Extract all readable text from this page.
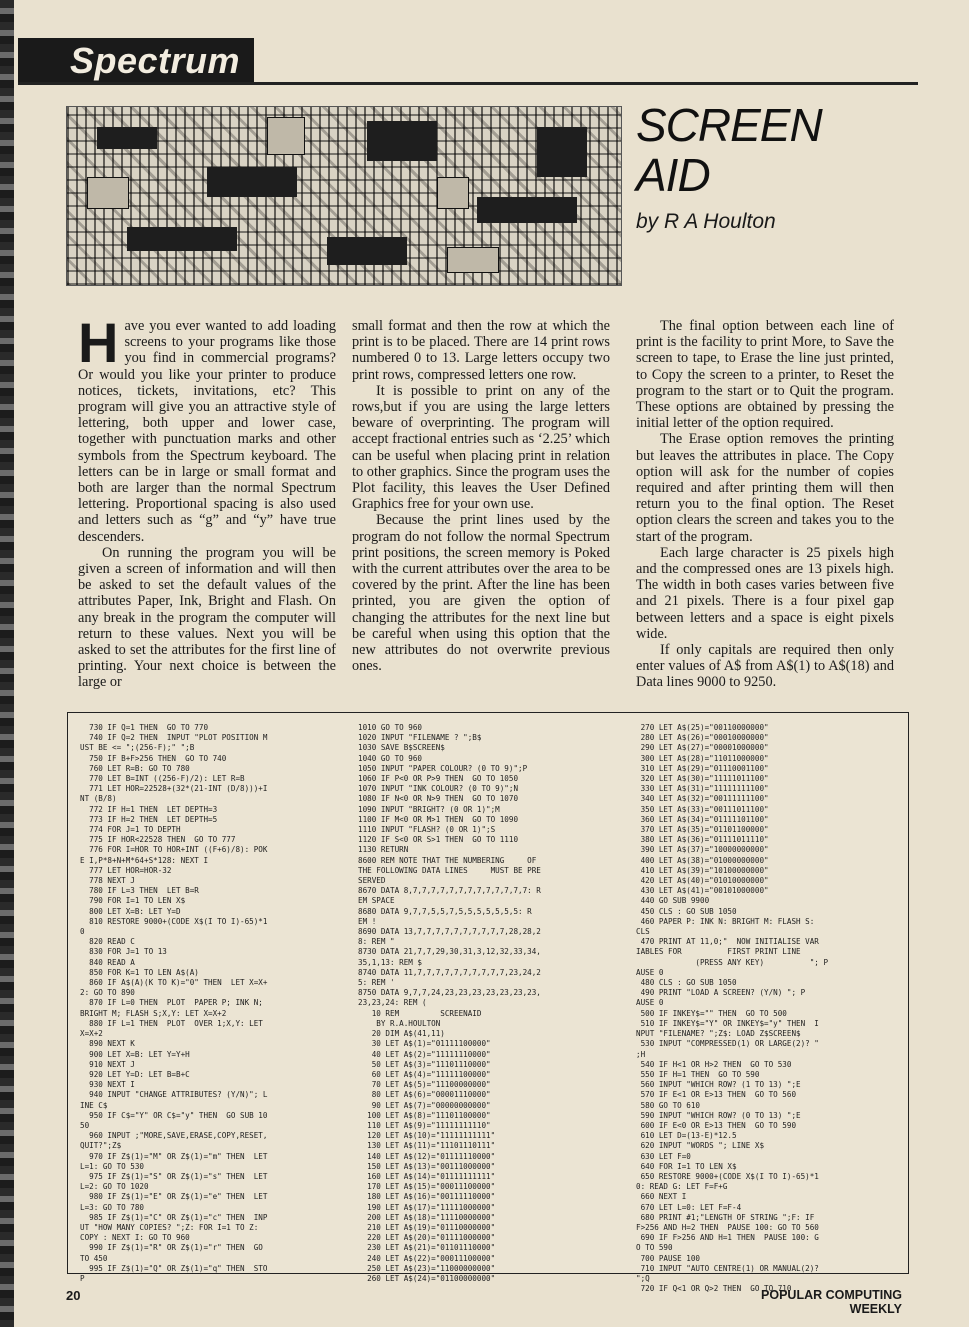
Spectrum
SCREEN
AID
by R A Houlton

Have you ever wanted to add loading screens to your programs like those you find in commercial programs? Or would you like your printer to produce notices, tickets, invitations, etc? This program will give you an attractive style of lettering, both upper and lower case, together with punctuation marks and other symbols from the Spectrum keyboard. The letters can be in large or small format and both are larger than the normal Spectrum lettering. Proportional spacing is also used and letters such as “g” and “y” have true descenders.

On running the program you will be given a screen of information and will then be asked to set the default values of the attributes Paper, Ink, Bright and Flash. On any break in the program the computer will return to these values. Next you will be asked to set the attributes for the first line of printing. Your next choice is between the large or

small format and then the row at which the print is to be placed. There are 14 print rows numbered 0 to 13. Large letters occupy two print rows, compressed letters one row.

It is possible to print on any of the rows,but if you are using the large letters beware of overprinting. The program will accept fractional entries such as ‘2.25’ which can be useful when placing print in relation to other graphics. Since the program uses the Plot facility, this leaves the User Defined Graphics free for your own use.

Because the print lines used by the program do not follow the normal Spectrum print positions, the screen memory is Poked with the current attributes over the area to be covered by the print. After the line has been printed, you are given the option of changing the attributes for the next line but be careful when using this option that the new attributes do not overwrite previous ones.

The final option between each line of print is the facility to print More, to Save the screen to tape, to Erase the line just printed, to Copy the screen to a printer, to Reset the program to the start or to Quit the program. These options are obtained by pressing the initial letter of the option required.

The Erase option removes the printing but leaves the attributes in place. The Copy option will ask for the number of copies required and after printing them will then return you to the final option. The Reset option clears the screen and takes you to the start of the program.

Each large character is 25 pixels high and the compressed ones are 13 pixels high. The width in both cases varies between five and 21 pixels. There is a four pixel gap between letters and a space is eight pixels wide.

If only capitals are required then only enter values of A$ from A$(1) to A$(18) and Data lines 9000 to 9250.

730 IF Q=1 THEN  GO TO 770
740 IF Q=2 THEN  INPUT "PLOT POSITION M
UST BE <= ";(256-F);" ";B
750 IF B+F>256 THEN  GO TO 740
760 LET R=B: GO TO 780
770 LET B=INT ((256-F)/2): LET R=B
771 LET HOR=22528+(32*(21-INT (D/8)))+I
NT (B/8)
772 IF H=1 THEN  LET DEPTH=3
773 IF H=2 THEN  LET DEPTH=5
774 FOR J=1 TO DEPTH
775 IF HOR<22528 THEN  GO TO 777
776 FOR I=HOR TO HOR+INT ((F+6)/8): POK
E I,P*8+N+M*64+S*128: NEXT I
777 LET HOR=HOR-32
778 NEXT J
780 IF L=3 THEN  LET B=R
790 FOR I=1 TO LEN X$
800 LET X=B: LET Y=D
810 RESTORE 9000+(CODE X$(I TO I)-65)*1
0
820 READ C
830 FOR J=1 TO 13
840 READ A
850 FOR K=1 TO LEN A$(A)
860 IF A$(A)(K TO K)="0" THEN  LET X=X+
2: GO TO 890
870 IF L=0 THEN  PLOT  PAPER P; INK N;
BRIGHT M; FLASH S;X,Y: LET X=X+2
880 IF L=1 THEN  PLOT  OVER 1;X,Y: LET
X=X+2
890 NEXT K
900 LET X=B: LET Y=Y+H
910 NEXT J
920 LET Y=D: LET B=B+C
930 NEXT I
940 INPUT "CHANGE ATTRIBUTES? (Y/N)"; L
INE C$
950 IF C$="Y" OR C$="y" THEN  GO SUB 10
50
960 INPUT ;"MORE,SAVE,ERASE,COPY,RESET,
QUIT?";Z$
970 IF Z$(1)="M" OR Z$(1)="m" THEN  LET
L=1: GO TO 530
975 IF Z$(1)="S" OR Z$(1)="s" THEN  LET
L=2: GO TO 1020
980 IF Z$(1)="E" OR Z$(1)="e" THEN  LET
L=3: GO TO 780
985 IF Z$(1)="C" OR Z$(1)="c" THEN  INP
UT "HOW MANY COPIES? ";Z: FOR I=1 TO Z:
COPY : NEXT I: GO TO 960
990 IF Z$(1)="R" OR Z$(1)="r" THEN  GO
TO 450
995 IF Z$(1)="Q" OR Z$(1)="q" THEN  STO
P
1010 GO TO 960
1020 INPUT "FILENAME ? ";B$
1030 SAVE B$SCREEN$
1040 GO TO 960
1050 INPUT "PAPER COLOUR? (0 TO 9)";P
1060 IF P<0 OR P>9 THEN  GO TO 1050
1070 INPUT "INK COLOUR? (0 TO 9)";N
1080 IF N<0 OR N>9 THEN  GO TO 1070
1090 INPUT "BRIGHT? (0 OR 1)";M
1100 IF M<0 OR M>1 THEN  GO TO 1090
1110 INPUT "FLASH? (0 OR 1)";S
1120 IF S<0 OR S>1 THEN  GO TO 1110
1130 RETURN
8600 REM NOTE THAT THE NUMBERING     OF
THE FOLLOWING DATA LINES     MUST BE PRE
SERVED
8670 DATA 8,7,7,7,7,7,7,7,7,7,7,7,7,7: R
EM SPACE
8680 DATA 9,7,7,5,5,7,5,5,5,5,5,5,5: R
EM !
8690 DATA 13,7,7,7,7,7,7,7,7,7,7,28,28,2
8: REM "
8730 DATA 21,7,7,29,30,31,3,12,32,33,34,
35,1,13: REM $
8740 DATA 11,7,7,7,7,7,7,7,7,7,7,23,24,2
5: REM '
8750 DATA 9,7,7,24,23,23,23,23,23,23,23,
23,23,24: REM (
10 REM         SCREENAID
BY R.A.HOULTON
20 DIM A$(41,11)
30 LET A$(1)="01111100000"
40 LET A$(2)="11111110000"
50 LET A$(3)="11101110000"
60 LET A$(4)="11111100000"
70 LET A$(5)="11100000000"
80 LET A$(6)="00001110000"
90 LET A$(7)="00000000000"
100 LET A$(8)="11101100000"
110 LET A$(9)="11111111110"
120 LET A$(10)="11111111111"
130 LET A$(11)="11101110111"
140 LET A$(12)="01111110000"
150 LET A$(13)="00111000000"
160 LET A$(14)="01111111111"
170 LET A$(15)="00011100000"
180 LET A$(16)="00111110000"
190 LET A$(17)="11111000000"
200 LET A$(18)="11110000000"
210 LET A$(19)="01110000000"
220 LET A$(20)="01111000000"
230 LET A$(21)="01101110000"
240 LET A$(22)="00011100000"
250 LET A$(23)="11000000000"
260 LET A$(24)="01100000000"
270 LET A$(25)="00110000000"
280 LET A$(26)="00010000000"
290 LET A$(27)="00001000000"
300 LET A$(28)="11011000000"
310 LET A$(29)="01110001100"
320 LET A$(30)="11111011100"
330 LET A$(31)="11111111100"
340 LET A$(32)="00111111100"
350 LET A$(33)="00111011100"
360 LET A$(34)="01111101100"
370 LET A$(35)="01101100000"
380 LET A$(36)="01111011110"
390 LET A$(37)="10000000000"
400 LET A$(38)="01000000000"
410 LET A$(39)="10100000000"
420 LET A$(40)="01010000000"
430 LET A$(41)="00101000000"
440 GO SUB 9900
450 CLS : GO SUB 1050
460 PAPER P: INK N: BRIGHT M: FLASH S:
CLS
470 PRINT AT 11,0;"  NOW INITIALISE VAR
IABLES FOR          FIRST PRINT LINE
(PRESS ANY KEY)          "; P
AUSE 0
480 CLS : GO SUB 1050
490 PRINT "LOAD A SCREEN? (Y/N) "; P
AUSE 0
500 IF INKEY$="" THEN  GO TO 500
510 IF INKEY$="Y" OR INKEY$="y" THEN  I
NPUT "FILENAME? ";Z$: LOAD Z$SCREEN$
530 INPUT "COMPRESSED(1) OR LARGE(2)? "
;H
540 IF H<1 OR H>2 THEN  GO TO 530
550 IF H=1 THEN  GO TO 590
560 INPUT "WHICH ROW? (1 TO 13) ";E
570 IF E<1 OR E>13 THEN  GO TO 560
580 GO TO 610
590 INPUT "WHICH ROW? (0 TO 13) ";E
600 IF E<0 OR E>13 THEN  GO TO 590
610 LET D=(13-E)*12.5
620 INPUT "WORDS "; LINE X$
630 LET F=0
640 FOR I=1 TO LEN X$
650 RESTORE 9000+(CODE X$(I TO I)-65)*1
0: READ G: LET F=F+G
660 NEXT I
670 LET L=0: LET F=F-4
680 PRINT #1;"LENGTH OF STRING ";F: IF
F>256 AND H=2 THEN  PAUSE 100: GO TO 560
690 IF F>256 AND H=1 THEN  PAUSE 100: G
O TO 590
700 PAUSE 100
710 INPUT "AUTO CENTRE(1) OR MANUAL(2)?
";Q
720 IF Q<1 OR Q>2 THEN  GO TO 710
20	POPULAR COMPUTING WEEKLY
